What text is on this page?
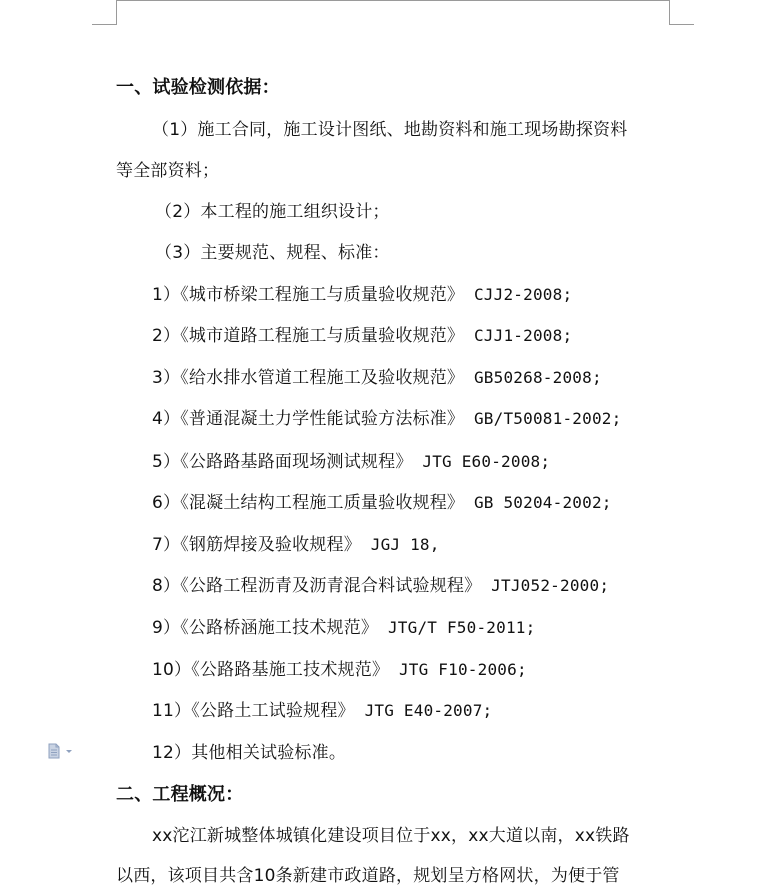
一、试验检测依据：
（1）施工合同，施工设计图纸、地勘资料和施工现场勘探资料
等全部资料；
（2）本工程的施工组织设计；
（3）主要规范、规程、标准：
1）《城市桥梁工程施工与质量验收规范》 CJJ2-2008;
2）《城市道路工程施工与质量验收规范》 CJJ1-2008;
3）《给水排水管道工程施工及验收规范》 GB50268-2008;
4）《普通混凝土力学性能试验方法标准》 GB/T50081-2002;
5）《公路路基路面现场测试规程》 JTG E60-2008;
6）《混凝土结构工程施工质量验收规程》 GB 50204-2002;
7）《钢筋焊接及验收规程》 JGJ 18,
8）《公路工程沥青及沥青混合料试验规程》 JTJ052-2000;
9）《公路桥涵施工技术规范》 JTG/T F50-2011;
10）《公路路基施工技术规范》 JTG F10-2006;
11）《公路土工试验规程》 JTG E40-2007;
12）其他相关试验标准。
二、工程概况：
xx沱江新城整体城镇化建设项目位于xx，xx大道以南，xx铁路
以西，该项目共含10条新建市政道路，规划呈方格网状，为便于管
